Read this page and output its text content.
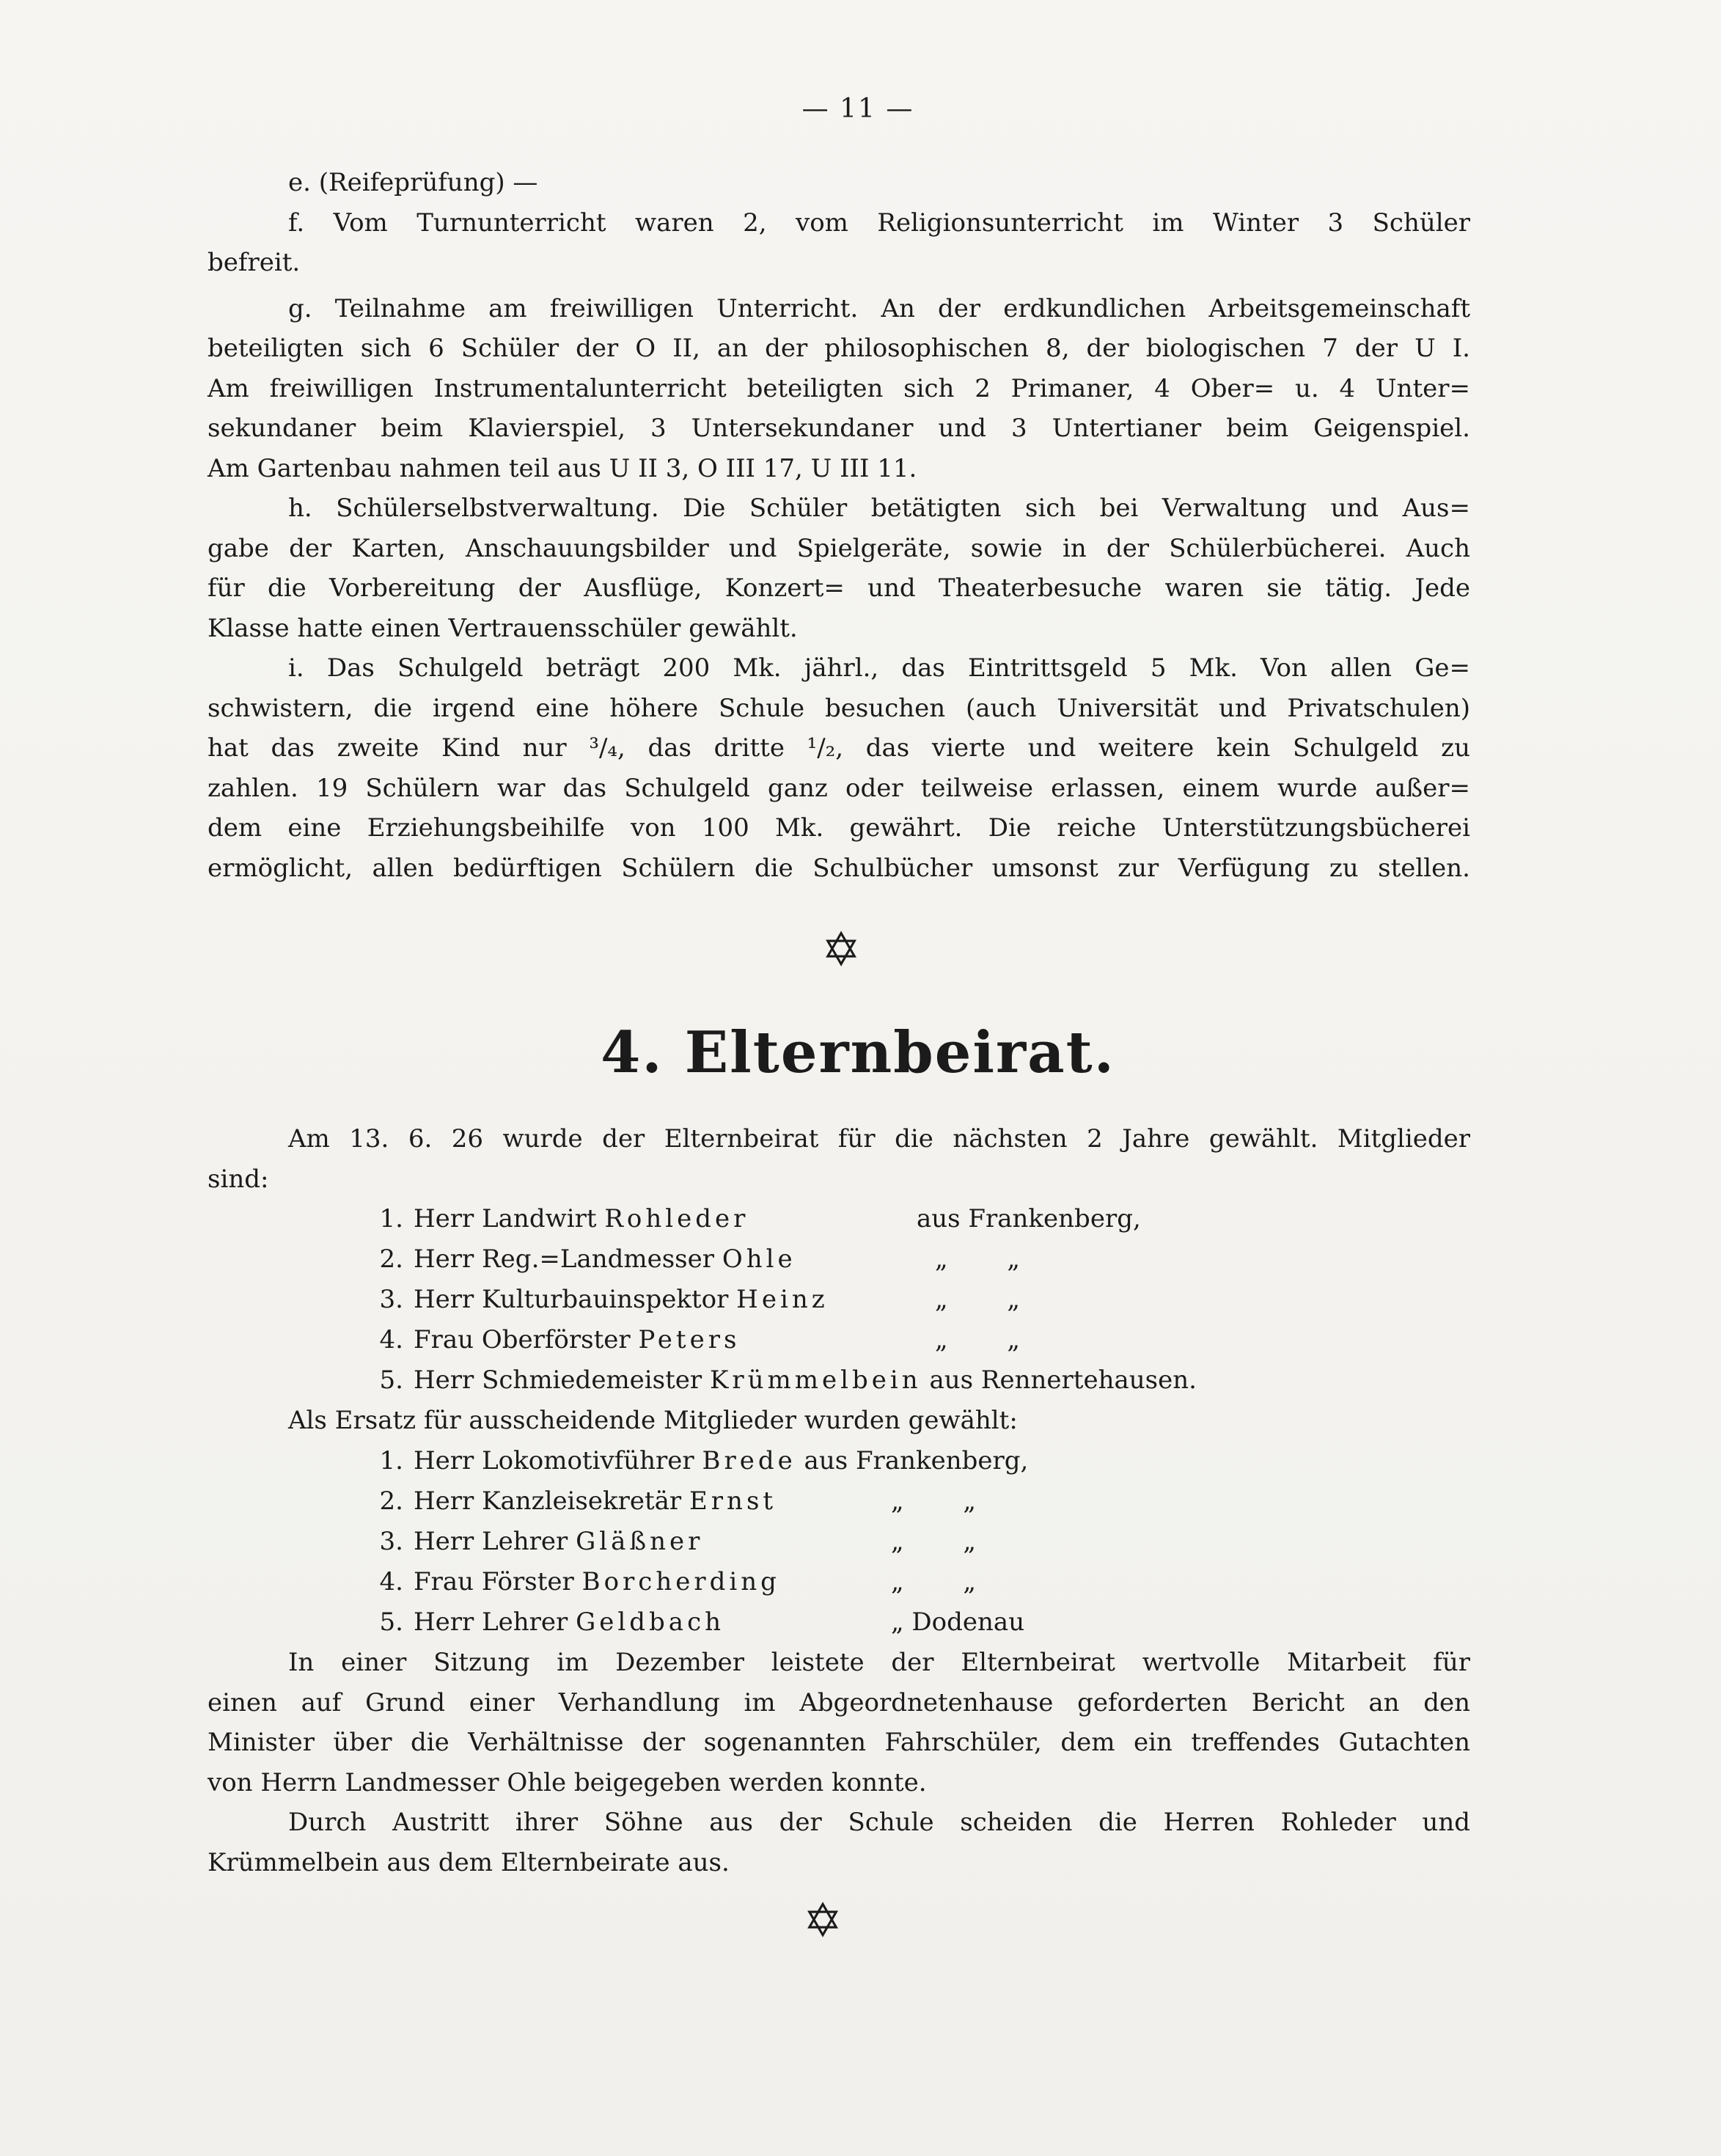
— 11 —
e. (Reifeprüfung) —
f. Vom Turnunterricht waren 2, vom Religionsunterricht im Winter 3 Schüler
befreit.
g. Teilnahme am freiwilligen Unterricht. An der erdkundlichen Arbeitsgemeinschaft
beteiligten sich 6 Schüler der O II, an der philosophischen 8, der biologischen 7 der U I.
Am freiwilligen Instrumentalunterricht beteiligten sich 2 Primaner, 4 Ober= u. 4 Unter=
sekundaner beim Klavierspiel, 3 Untersekundaner und 3 Untertianer beim Geigenspiel.
Am Gartenbau nahmen teil aus U II 3, O III 17, U III 11.
h. Schülerselbstverwaltung. Die Schüler betätigten sich bei Verwaltung und Aus=
gabe der Karten, Anschauungsbilder und Spielgeräte, sowie in der Schülerbücherei. Auch
für die Vorbereitung der Ausflüge, Konzert= und Theaterbesuche waren sie tätig. Jede
Klasse hatte einen Vertrauensschüler gewählt.
i. Das Schulgeld beträgt 200 Mk. jährl., das Eintrittsgeld 5 Mk. Von allen Ge=
schwistern, die irgend eine höhere Schule besuchen (auch Universität und Privatschulen)
hat das zweite Kind nur ³/₄, das dritte ¹/₂, das vierte und weitere kein Schulgeld zu
zahlen. 19 Schülern war das Schulgeld ganz oder teilweise erlassen, einem wurde außer=
dem eine Erziehungsbeihilfe von 100 Mk. gewährt. Die reiche Unterstützungsbücherei
ermöglicht, allen bedürftigen Schülern die Schulbücher umsonst zur Verfügung zu stellen.
✡
4. Elternbeirat.
Am 13. 6. 26 wurde der Elternbeirat für die nächsten 2 Jahre gewählt. Mitglieder
sind:
1. Herr Landwirt Rohleder	aus Frankenberg,
2. Herr Reg.=Landmesser Ohle	„ „
3. Herr Kulturbauinspektor Heinz	„ „
4. Frau Oberförster Peters	„ „
5. Herr Schmiedemeister Krümmelbein aus Rennertehausen.
Als Ersatz für ausscheidende Mitglieder wurden gewählt:
1. Herr Lokomotivführer Brede aus Frankenberg,
2. Herr Kanzleisekretär Ernst	„ „
3. Herr Lehrer Gläßner	„ „
4. Frau Förster Borcherding	„ „
5. Herr Lehrer Geldbach	„ Dodenau
In einer Sitzung im Dezember leistete der Elternbeirat wertvolle Mitarbeit für
einen auf Grund einer Verhandlung im Abgeordnetenhause geforderten Bericht an den
Minister über die Verhältnisse der sogenannten Fahrschüler, dem ein treffendes Gutachten
von Herrn Landmesser Ohle beigegeben werden konnte.
Durch Austritt ihrer Söhne aus der Schule scheiden die Herren Rohleder und
Krümmelbein aus dem Elternbeirate aus.
✡
